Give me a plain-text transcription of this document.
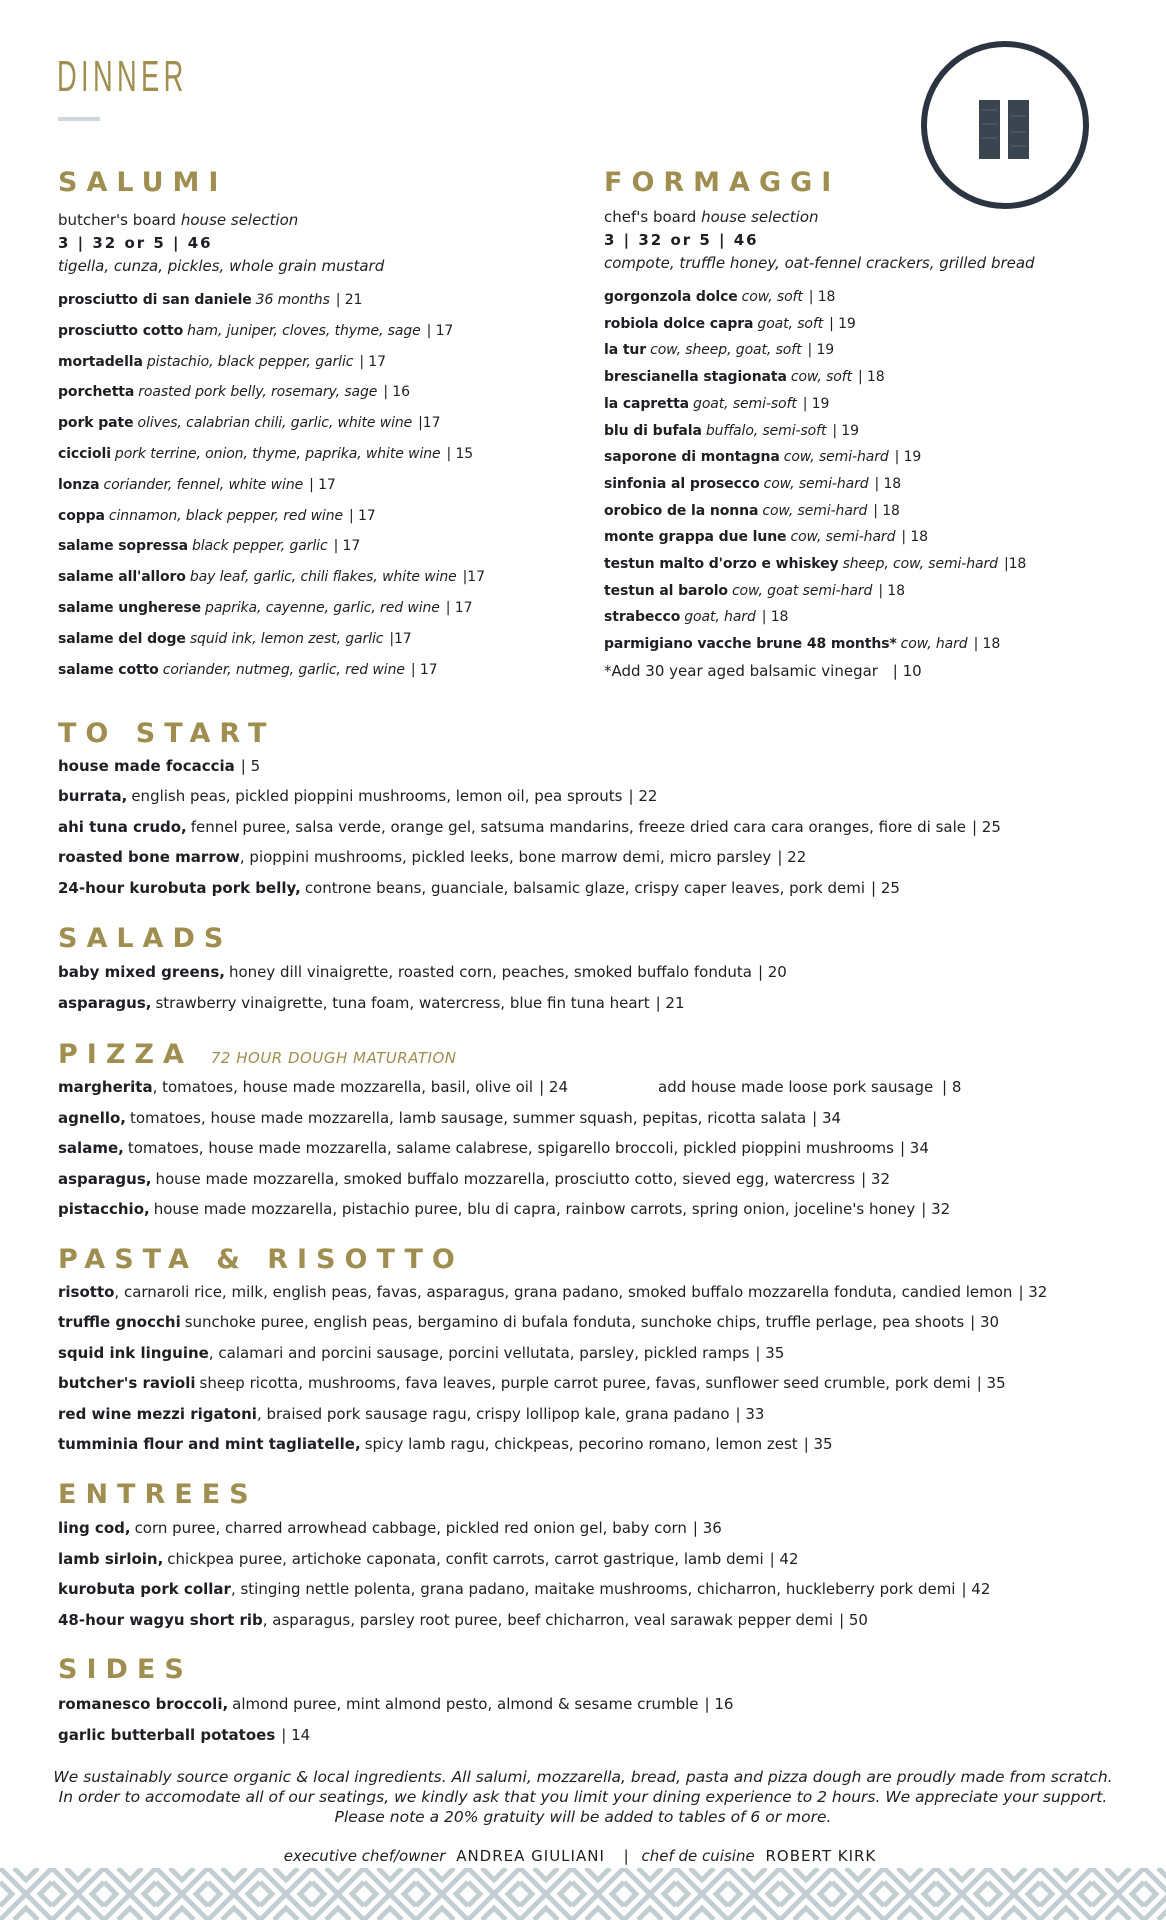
DINNER
SALUMI
butcher's board house selection
3 | 32 or 5 | 46
tigella, cunza, pickles, whole grain mustard
prosciutto di san daniele 36 months | 21
prosciutto cotto ham, juniper, cloves, thyme, sage | 17
mortadella pistachio, black pepper, garlic | 17
porchetta roasted pork belly, rosemary, sage | 16
pork pate olives, calabrian chili, garlic, white wine |17
ciccioli pork terrine, onion, thyme, paprika, white wine | 15
lonza coriander, fennel, white wine | 17
coppa cinnamon, black pepper, red wine | 17
salame sopressa black pepper, garlic | 17
salame all'alloro bay leaf, garlic, chili flakes, white wine |17
salame ungherese paprika, cayenne, garlic, red wine | 17
salame del doge squid ink, lemon zest, garlic |17
salame cotto coriander, nutmeg, garlic, red wine | 17
FORMAGGI
chef's board house selection
3 | 32 or 5 | 46
compote, truffle honey, oat-fennel crackers, grilled bread
gorgonzola dolce cow, soft | 18
robiola dolce capra goat, soft | 19
la tur cow, sheep, goat, soft | 19
brescianella stagionata cow, soft | 18
la capretta goat, semi-soft | 19
blu di bufala buffalo, semi-soft | 19
saporone di montagna cow, semi-hard | 19
sinfonia al prosecco cow, semi-hard | 18
orobico de la nonna cow, semi-hard | 18
monte grappa due lune cow, semi-hard | 18
testun malto d'orzo e whiskey sheep, cow, semi-hard |18
testun al barolo cow, goat semi-hard | 18
strabecco goat, hard | 18
parmigiano vacche brune 48 months* cow, hard | 18
*Add 30 year aged balsamic vinegar | 10
TO START
house made focaccia | 5
burrata, english peas, pickled pioppini mushrooms, lemon oil, pea sprouts | 22
ahi tuna crudo, fennel puree, salsa verde, orange gel, satsuma mandarins, freeze dried cara cara oranges, fiore di sale | 25
roasted bone marrow, pioppini mushrooms, pickled leeks, bone marrow demi, micro parsley | 22
24-hour kurobuta pork belly, controne beans, guanciale, balsamic glaze, crispy caper leaves, pork demi | 25
SALADS
baby mixed greens, honey dill vinaigrette, roasted corn, peaches, smoked buffalo fonduta | 20
asparagus, strawberry vinaigrette, tuna foam, watercress, blue fin tuna heart | 21
PIZZA 72 HOUR DOUGH MATURATION
add house made loose pork sausage | 8
margherita, tomatoes, house made mozzarella, basil, olive oil | 24
agnello, tomatoes, house made mozzarella, lamb sausage, summer squash, pepitas, ricotta salata | 34
salame, tomatoes, house made mozzarella, salame calabrese, spigarello broccoli, pickled pioppini mushrooms | 34
asparagus, house made mozzarella, smoked buffalo mozzarella, prosciutto cotto, sieved egg, watercress | 32
pistacchio, house made mozzarella, pistachio puree, blu di capra, rainbow carrots, spring onion, joceline's honey | 32
PASTA & RISOTTO
risotto, carnaroli rice, milk, english peas, favas, asparagus, grana padano, smoked buffalo mozzarella fonduta, candied lemon | 32
truffle gnocchi sunchoke puree, english peas, bergamino di bufala fonduta, sunchoke chips, truffle perlage, pea shoots | 30
squid ink linguine, calamari and porcini sausage, porcini vellutata, parsley, pickled ramps | 35
butcher's ravioli sheep ricotta, mushrooms, fava leaves, purple carrot puree, favas, sunflower seed crumble, pork demi | 35
red wine mezzi rigatoni, braised pork sausage ragu, crispy lollipop kale, grana padano | 33
tumminia flour and mint tagliatelle, spicy lamb ragu, chickpeas, pecorino romano, lemon zest | 35
ENTREES
ling cod, corn puree, charred arrowhead cabbage, pickled red onion gel, baby corn | 36
lamb sirloin, chickpea puree, artichoke caponata, confit carrots, carrot gastrique, lamb demi | 42
kurobuta pork collar, stinging nettle polenta, grana padano, maitake mushrooms, chicharron, huckleberry pork demi | 42
48-hour wagyu short rib, asparagus, parsley root puree, beef chicharron, veal sarawak pepper demi | 50
SIDES
romanesco broccoli, almond puree, mint almond pesto, almond & sesame crumble | 16
garlic butterball potatoes | 14
We sustainably source organic & local ingredients. All salumi, mozzarella, bread, pasta and pizza dough are proudly made from scratch.
In order to accomodate all of our seatings, we kindly ask that you limit your dining experience to 2 hours. We appreciate your support.
Please note a 20% gratuity will be added to tables of 6 or more.
executive chef/owner ANDREA GIULIANI | chef de cuisine ROBERT KIRK
